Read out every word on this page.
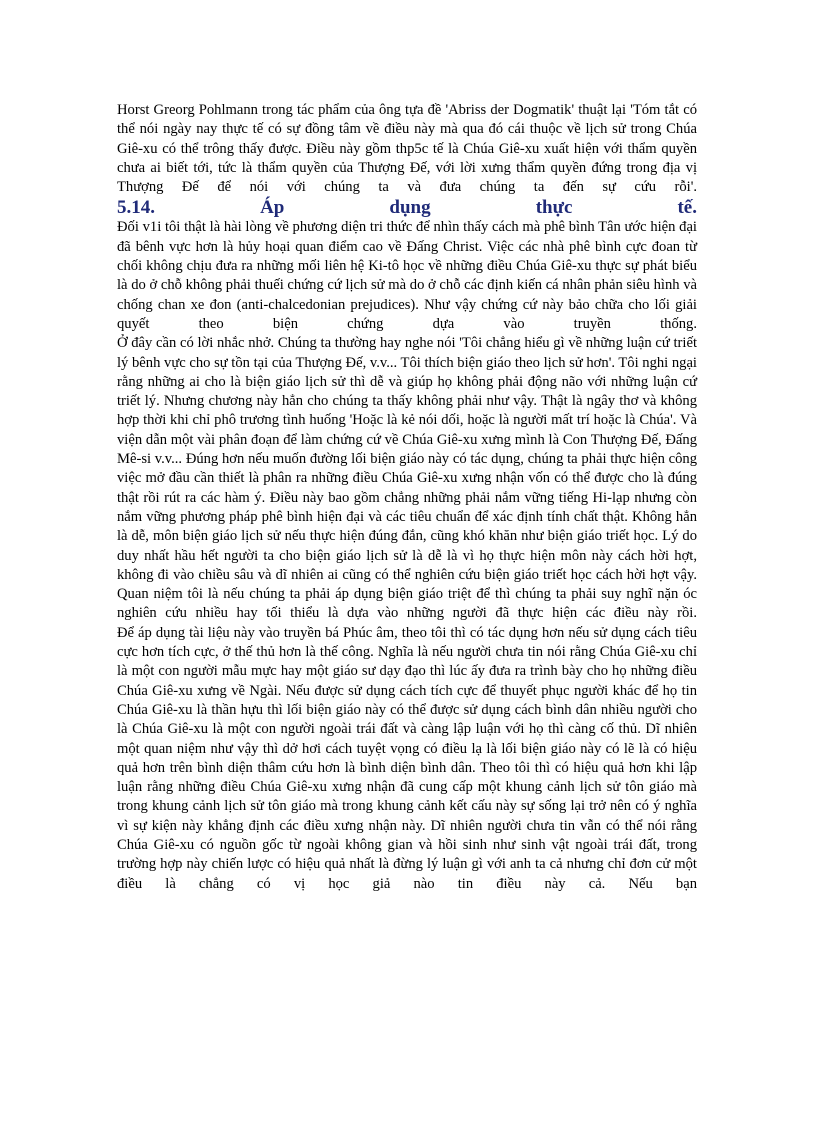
Horst Greorg Pohlmann trong tác phẩm của ông tựa đề 'Abriss der Dogmatik' thuật lại 'Tóm tắt có thể nói ngày nay thực tế có sự đồng tâm về điều này mà qua đó cái thuộc về lịch sử trong Chúa Giê-xu có thể trông thấy được. Điều này gồm thp5c tế là Chúa Giê-xu xuất hiện với thẩm quyền chưa ai biết tới, tức là thẩm quyền của Thượng Đế, với lời xưng thẩm quyền đứng trong địa vị Thượng Đế để nói với chúng ta và đưa chúng ta đến sự cứu rỗi'.

5.14. Áp dụng thực tế.

Đối v1i tôi thật là hài lòng về phương diện tri thức để nhìn thấy cách mà phê bình Tân ước hiện đại đã bênh vực hơn là hủy hoại quan điểm cao về Đấng Christ. Việc các nhà phê bình cực đoan từ chối không chịu đưa ra những mối liên hệ Ki-tô học về những điều Chúa Giê-xu thực sự phát biểu là do ở chỗ không phải thuếi chứng cứ lịch sử mà do ở chỗ các định kiến cá nhân phản siêu hình và chống chan xe đon (anti-chalcedonian prejudices). Như vậy chứng cứ này bảo chữa cho lối giải quyết theo biện chứng dựa vào truyền thống.

Ở đây cần có lời nhắc nhở. Chúng ta thường hay nghe nói 'Tôi chẳng hiểu gì về những luận cứ triết lý bênh vực cho sự tồn tại của Thượng Đế, v.v... Tôi thích biện giáo theo lịch sử hơn'. Tôi nghi ngại rằng những ai cho là biện giáo lịch sử thì dễ và giúp họ không phải động não với những luận cứ triết lý. Nhưng chương này hẳn cho chúng ta thấy không phải như vậy. Thật là ngây thơ và không hợp thời khi chỉ phô trương tình huống 'Hoặc là kẻ nói dối, hoặc là người mất trí hoặc là Chúa'. Và viện dẫn một vài phân đoạn để làm chứng cứ về Chúa Giê-xu xưng mình là Con Thượng Đế, Đấng Mê-si v.v... Đúng hơn nếu muốn đường lối biện giáo này có tác dụng, chúng ta phải thực hiện công việc mở đầu cần thiết là phân ra những điều Chúa Giê-xu xưng nhận vốn có thể được cho là đúng thật rồi rút ra các hàm ý. Điều này bao gồm chẳng những phải nắm vững tiếng Hi-lạp nhưng còn nắm vững phương pháp phê bình hiện đại và các tiêu chuẩn để xác định tính chất thật. Không hẳn là dễ, môn biện giáo lịch sử nếu thực hiện đúng đắn, cũng khó khăn như biện giáo triết học. Lý do duy nhất hầu hết người ta cho biện giáo lịch sử là dễ là vì họ thực hiện môn này cách hời hợt, không đi vào chiều sâu và dĩ nhiên ai cũng có thể nghiên cứu biện giáo triết học cách hời hợt vậy. Quan niệm tôi là nếu chúng ta phải áp dụng biện giáo triệt để thì chúng ta phải suy nghĩ nặn óc nghiên cứu nhiều hay tối thiểu là dựa vào những người đã thực hiện các điều này rồi.

Để áp dụng tài liệu này vào truyền bá Phúc âm, theo tôi thì có tác dụng hơn nếu sử dụng cách tiêu cực hơn tích cực, ở thế thủ hơn là thế công. Nghĩa là nếu người chưa tin nói rằng Chúa Giê-xu chỉ là một con người mẫu mực hay một giáo sư dạy đạo thì lúc ấy đưa ra trình bày cho họ những điều Chúa Giê-xu xưng về Ngài. Nếu được sử dụng cách tích cực để thuyết phục người khác để họ tin Chúa Giê-xu là thần hựu thì lối biện giáo này có thể được sử dụng cách bình dân nhiều người cho là Chúa Giê-xu là một con người ngoài trái đất và càng lập luận với họ thì càng cố thủ. Dĩ nhiên một quan niệm như vậy thì dở hơi cách tuyệt vọng có điều lạ là lối biện giáo này có lẽ là có hiệu quả hơn trên bình diện thâm cứu hơn là bình diện bình dân. Theo tôi thì có hiệu quả hơn khi lập luận rằng những điều Chúa Giê-xu xưng nhận đã cung cấp một khung cảnh lịch sử tôn giáo mà trong khung cảnh lịch sử tôn giáo mà trong khung cảnh kết cấu này sự sống lại trở nên có ý nghĩa vì sự kiện này khẳng định các điều xưng nhận này. Dĩ nhiên người chưa tin vẫn có thể nói rằng Chúa Giê-xu có nguồn gốc từ ngoài không gian và hồi sinh như sinh vật ngoài trái đất, trong trường hợp này chiến lược có hiệu quả nhất là đừng lý luận gì với anh ta cả nhưng chỉ đơn cử một điều là chẳng có vị học giả nào tin điều này cả. Nếu bạn
